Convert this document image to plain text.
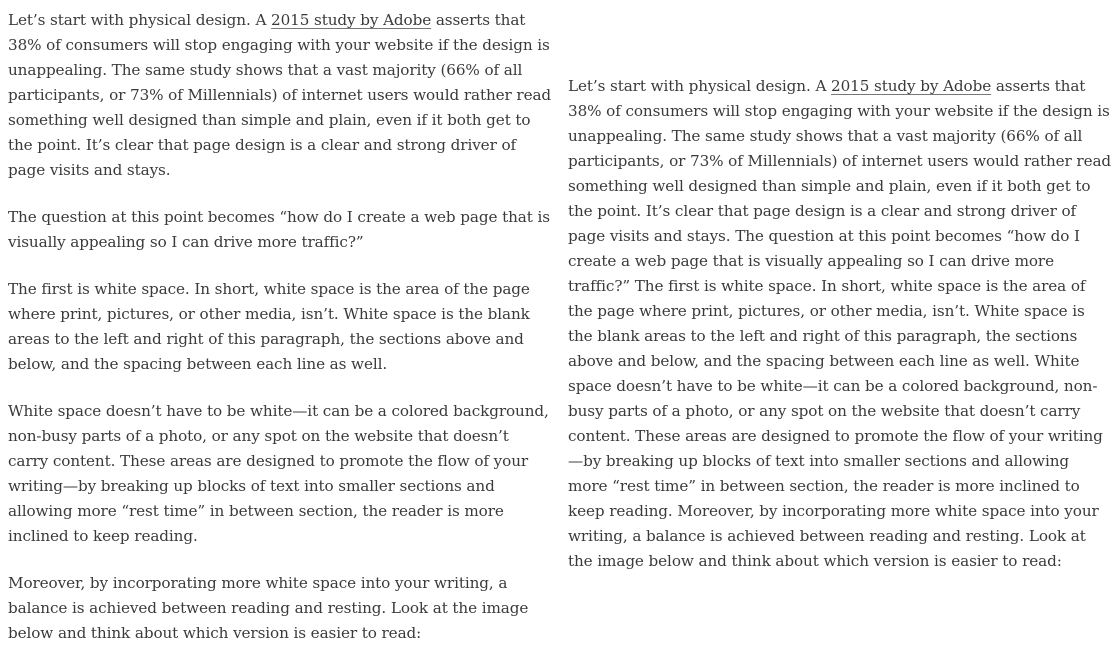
Let’s start with physical design. A 2015 study by Adobe asserts that 38% of consumers will stop engaging with your website if the design is unappealing. The same study shows that a vast majority (66% of all participants, or 73% of Millennials) of internet users would rather read something well designed than simple and plain, even if it both get to the point. It’s clear that page design is a clear and strong driver of page visits and stays.

The question at this point becomes “how do I create a web page that is visually appealing so I can drive more traffic?”

The first is white space. In short, white space is the area of the page where print, pictures, or other media, isn’t. White space is the blank areas to the left and right of this paragraph, the sections above and below, and the spacing between each line as well.

White space doesn’t have to be white—it can be a colored background, non-busy parts of a photo, or any spot on the website that doesn’t carry content. These areas are designed to promote the flow of your writing—by breaking up blocks of text into smaller sections and allowing more “rest time” in between section, the reader is more inclined to keep reading.

Moreover, by incorporating more white space into your writing, a balance is achieved between reading and resting. Look at the image below and think about which version is easier to read:

Let’s start with physical design. A 2015 study by Adobe asserts that 38% of consumers will stop engaging with your website if the design is unappealing. The same study shows that a vast majority (66% of all participants, or 73% of Millennials) of internet users would rather read something well designed than simple and plain, even if it both get to the point. It’s clear that page design is a clear and strong driver of page visits and stays. The question at this point becomes “how do I create a web page that is visually appealing so I can drive more traffic?” The first is white space. In short, white space is the area of the page where print, pictures, or other media, isn’t. White space is the blank areas to the left and right of this paragraph, the sections above and below, and the spacing between each line as well. White space doesn’t have to be white—it can be a colored background, non-busy parts of a photo, or any spot on the website that doesn’t carry content. These areas are designed to promote the flow of your writing—by breaking up blocks of text into smaller sections and allowing more “rest time” in between section, the reader is more inclined to keep reading. Moreover, by incorporating more white space into your writing, a balance is achieved between reading and resting. Look at the image below and think about which version is easier to read:
